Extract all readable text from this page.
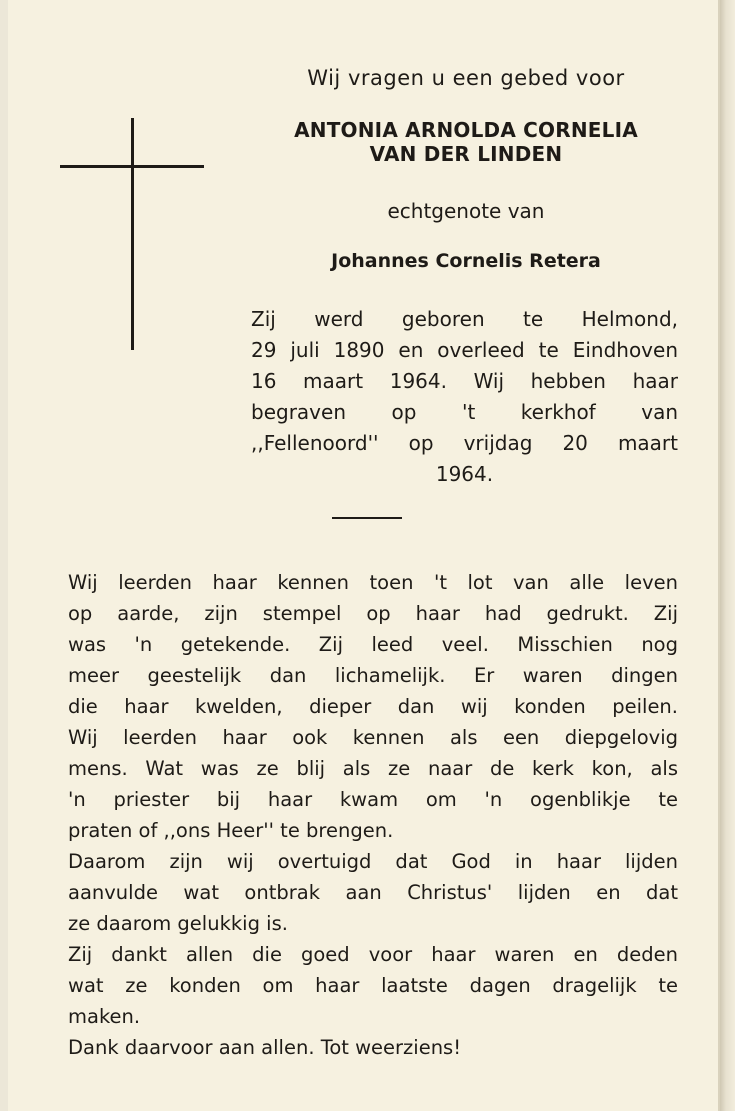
Wij vragen u een gebed voor
ANTONIA ARNOLDA CORNELIA
VAN DER LINDEN
echtgenote van
Johannes Cornelis Retera
Zij werd geboren te Helmond,
29 juli 1890 en overleed te Eindhoven
16 maart 1964. Wij hebben haar
begraven op 't kerkhof van
,,Fellenoord'' op vrijdag 20 maart
1964.
Wij leerden haar kennen toen 't lot van alle leven
op aarde, zijn stempel op haar had gedrukt. Zij
was 'n getekende. Zij leed veel. Misschien nog
meer geestelijk dan lichamelijk. Er waren dingen
die haar kwelden, dieper dan wij konden peilen.
Wij leerden haar ook kennen als een diepgelovig
mens. Wat was ze blij als ze naar de kerk kon, als
'n priester bij haar kwam om 'n ogenblikje te
praten of ,,ons Heer'' te brengen.
Daarom zijn wij overtuigd dat God in haar lijden
aanvulde wat ontbrak aan Christus' lijden en dat
ze daarom gelukkig is.
Zij dankt allen die goed voor haar waren en deden
wat ze konden om haar laatste dagen dragelijk te
maken.
Dank daarvoor aan allen. Tot weerziens!
